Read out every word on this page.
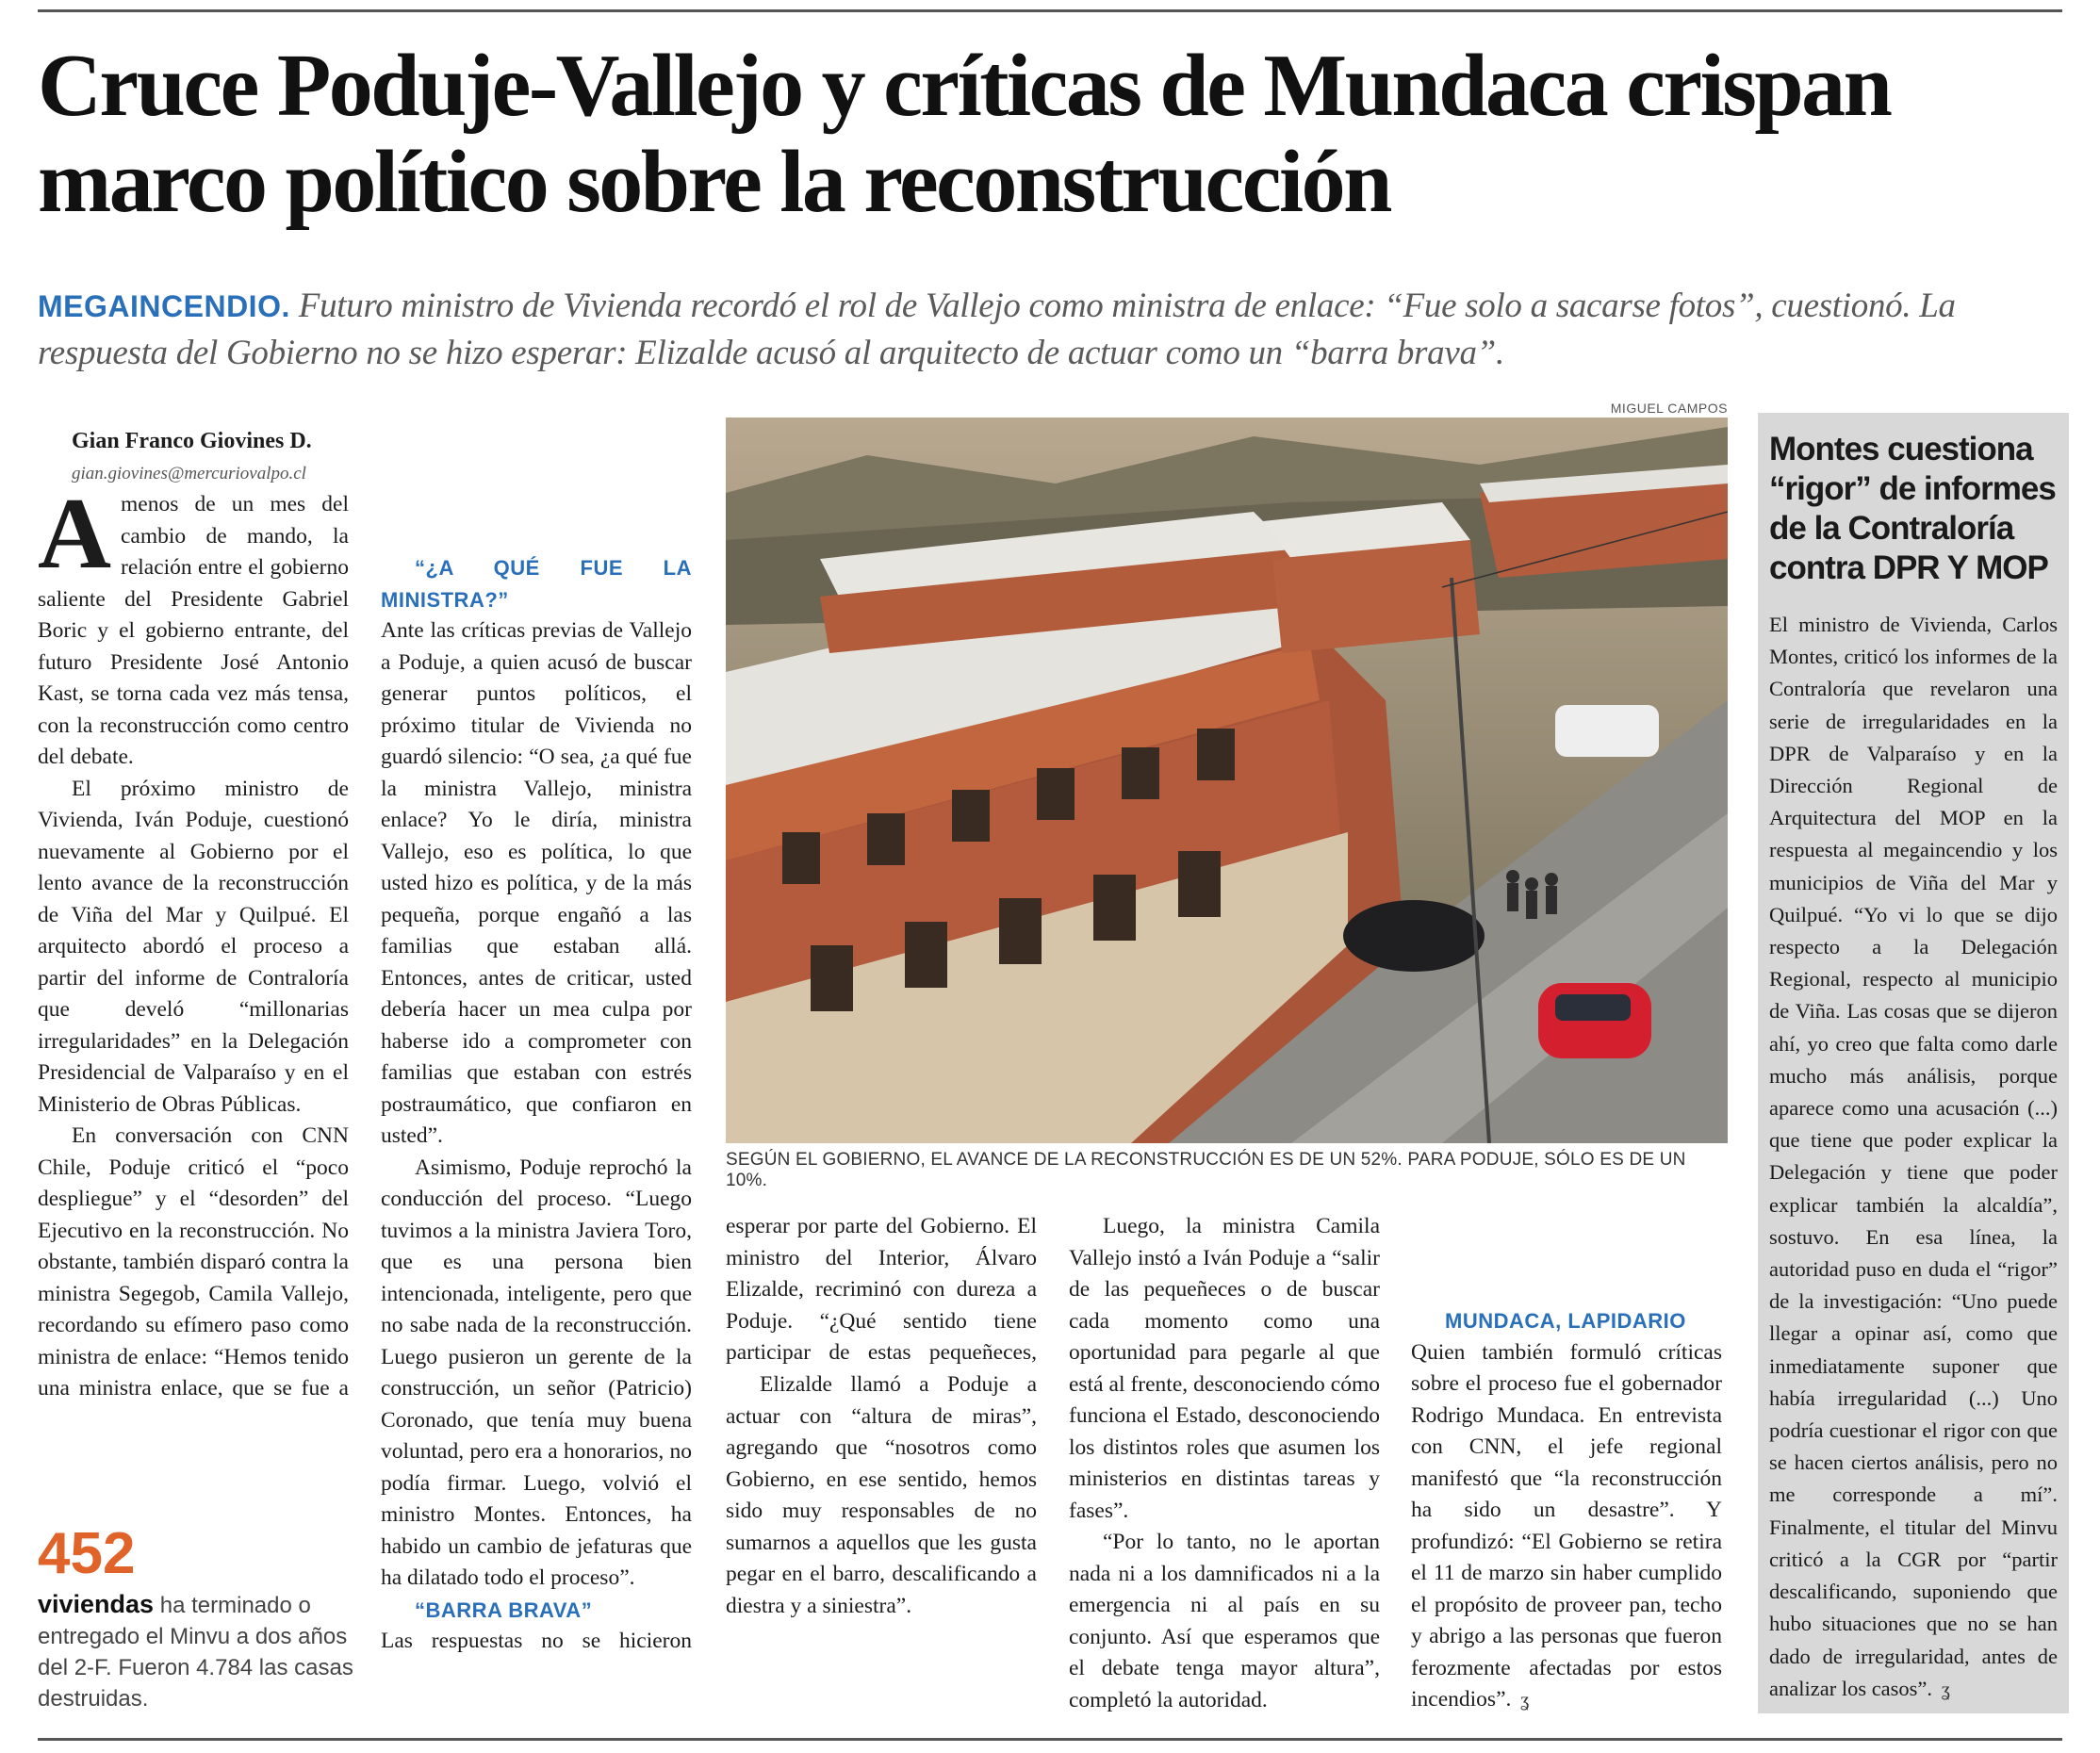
Cruce Poduje-Vallejo y críticas de Mundaca crispan marco político sobre la reconstrucción

MEGAINCENDIO. Futuro ministro de Vivienda recordó el rol de Vallejo como ministra de enlace: “Fue solo a sacarse fotos”, cuestionó. La respuesta del Gobierno no se hizo esperar: Elizalde acusó al arquitecto de actuar como un “barra brava”.

Gian Franco Giovines D.

gian.giovines@mercuriovalpo.cl

Amenos de un mes del cambio de mando, la relación entre el gobierno saliente del Presidente Gabriel Boric y el gobierno entrante, del futuro Presidente José Antonio Kast, se torna cada vez más tensa, con la reconstrucción como centro del debate.

El próximo ministro de Vivienda, Iván Poduje, cuestionó nuevamente al Gobierno por el lento avance de la reconstrucción de Viña del Mar y Quilpué. El arquitecto abordó el proceso a partir del informe de Contraloría que develó “millonarias irregularidades” en la Delegación Presidencial de Valparaíso y en el Ministerio de Obras Públicas.

En conversación con CNN Chile, Poduje criticó el “poco despliegue” y el “desorden” del Ejecutivo en la reconstrucción. No obstante, también disparó contra la ministra Segegob, Camila Vallejo, recordando su efímero paso como ministra de enlace: “Hemos tenido una ministra enlace, que se fue a

452

viviendas ha terminado o entregado el Minvu a dos años del 2-F. Fueron 4.784 las casas destruidas.

“¿A QUÉ FUE LA MINISTRA?”

Ante las críticas previas de Vallejo a Poduje, a quien acusó de buscar generar puntos políticos, el próximo titular de Vivienda no guardó silencio: “O sea, ¿a qué fue la ministra Vallejo, ministra enlace? Yo le diría, ministra Vallejo, eso es política, lo que usted hizo es política, y de la más pequeña, porque engañó a las familias que estaban allá. Entonces, antes de criticar, usted debería hacer un mea culpa por haberse ido a comprometer con familias que estaban con estrés postraumático, que confiaron en usted”.

Asimismo, Poduje reprochó la conducción del proceso. “Luego tuvimos a la ministra Javiera Toro, que es una persona bien intencionada, inteligente, pero que no sabe nada de la reconstrucción. Luego pusieron un gerente de la construcción, un señor (Patricio) Coronado, que tenía muy buena voluntad, pero era a honorarios, no podía firmar. Luego, volvió el ministro Montes. Entonces, ha habido un cambio de jefaturas que ha dilatado todo el proceso”.

“BARRA BRAVA”

Las respuestas no se hicieron

MIGUEL CAMPOS

SEGÚN EL GOBIERNO, EL AVANCE DE LA RECONSTRUCCIÓN ES DE UN 52%. PARA PODUJE, SÓLO ES DE UN 10%.

esperar por parte del Gobierno. El ministro del Interior, Álvaro Elizalde, recriminó con dureza a Poduje. “¿Qué sentido tiene participar de estas pequeñeces,

Elizalde llamó a Poduje a actuar con “altura de miras”, agregando que “nosotros como Gobierno, en ese sentido, hemos sido muy responsables de no sumarnos a aquellos que les gusta pegar en el barro, descalificando a diestra y a siniestra”.

Luego, la ministra Camila Vallejo instó a Iván Poduje a “salir de las pequeñeces o de buscar cada momento como una oportunidad para pegarle al que está al frente, desconociendo cómo funciona el Estado, desconociendo los distintos roles que asumen los ministerios en distintas tareas y fases”.

“Por lo tanto, no le aportan nada ni a los damnificados ni a la emergencia ni al país en su conjunto. Así que esperamos que el debate tenga mayor altura”, completó la autoridad.

MUNDACA, LAPIDARIO

Quien también formuló críticas sobre el proceso fue el gobernador Rodrigo Mundaca. En entrevista con CNN, el jefe regional manifestó que “la reconstrucción ha sido un desastre”. Y profundizó: “El Gobierno se retira el 11 de marzo sin haber cumplido el propósito de proveer pan, techo y abrigo a las personas que fueron ferozmente afectadas por estos incendios”. ʓ

Montes cuestiona “rigor” de informes de la Contraloría contra DPR Y MOP

El ministro de Vivienda, Carlos Montes, criticó los informes de la Contraloría que revelaron una serie de irregularidades en la DPR de Valparaíso y en la Dirección Regional de Arquitectura del MOP en la respuesta al megaincendio y los municipios de Viña del Mar y Quilpué. “Yo vi lo que se dijo respecto a la Delegación Regional, respecto al municipio de Viña. Las cosas que se dijeron ahí, yo creo que falta como darle mucho más análisis, porque aparece como una acusación (...) que tiene que poder explicar la Delegación y tiene que poder explicar también la alcaldía”, sostuvo. En esa línea, la autoridad puso en duda el “rigor” de la investigación: “Uno puede llegar a opinar así, como que inmediatamente suponer que había irregularidad (...) Uno podría cuestionar el rigor con que se hacen ciertos análisis, pero no me corresponde a mí”. Finalmente, el titular del Minvu criticó a la CGR por “partir descalificando, suponiendo que hubo situaciones que no se han dado de irregularidad, antes de analizar los casos”. ʓ
